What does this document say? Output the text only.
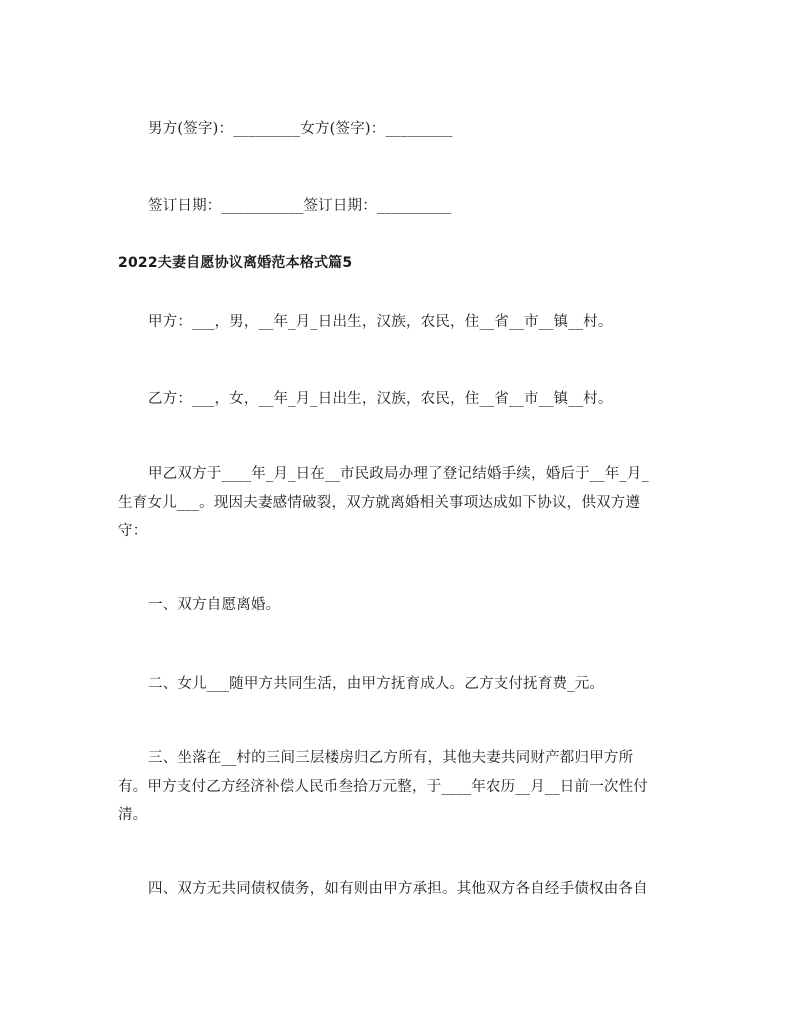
男方(签字)：_________女方(签字)：_________
签订日期：___________签订日期：__________
2022夫妻自愿协议离婚范本格式篇5
甲方：___，男，__年_月_日出生，汉族，农民，住__省__市__镇__村。
乙方：___，女，__年_月_日出生，汉族，农民，住__省__市__镇__村。
甲乙双方于____年_月_日在__市民政局办理了登记结婚手续，婚后于__年_月_
生育女儿___。现因夫妻感情破裂，双方就离婚相关事项达成如下协议，供双方遵
守：
一、双方自愿离婚。
二、女儿___随甲方共同生活，由甲方抚育成人。乙方支付抚育费_元。
三、坐落在__村的三间三层楼房归乙方所有，其他夫妻共同财产都归甲方所
有。甲方支付乙方经济补偿人民币叁拾万元整，于____年农历__月__日前一次性付
清。
四、双方无共同债权债务，如有则由甲方承担。其他双方各自经手债权由各自
